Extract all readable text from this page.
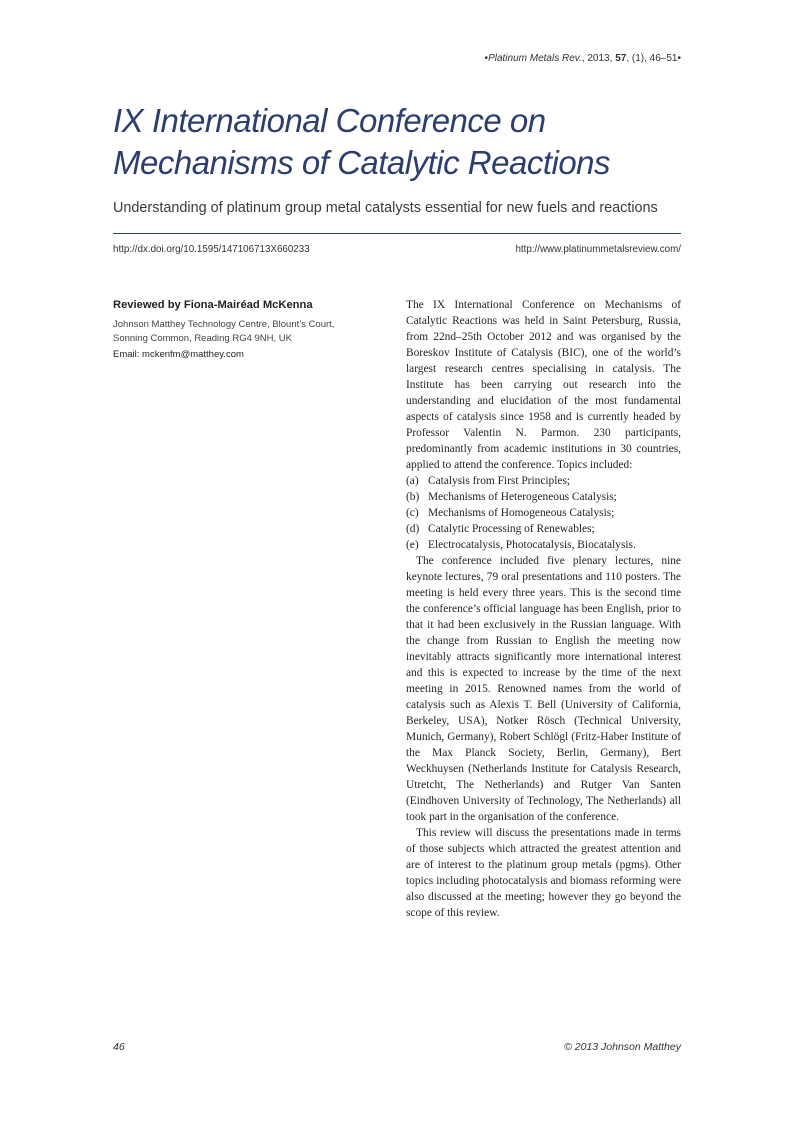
•Platinum Metals Rev., 2013, 57, (1), 46–51•
IX International Conference on Mechanisms of Catalytic Reactions
Understanding of platinum group metal catalysts essential for new fuels and reactions
http://dx.doi.org/10.1595/147106713X660233	http://www.platinummetalsreview.com/
Reviewed by Fiona-Mairéad McKenna
Johnson Matthey Technology Centre, Blount’s Court,
Sonning Common, Reading RG4 9NH, UK
Email: mckenfm@matthey.com

The IX International Conference on Mechanisms of Catalytic Reactions was held in Saint Petersburg, Russia, from 22nd–25th October 2012 and was organised by the Boreskov Institute of Catalysis (BIC), one of the world’s largest research centres specialising in catalysis. The Institute has been carrying out research into the understanding and elucidation of the most fundamental aspects of catalysis since 1958 and is currently headed by Professor Valentin N. Parmon. 230 participants, predominantly from academic institutions in 30 countries, applied to attend the conference. Topics included:

(a) Catalysis from First Principles;
(b) Mechanisms of Heterogeneous Catalysis;
(c) Mechanisms of Homogeneous Catalysis;
(d) Catalytic Processing of Renewables;
(e) Electrocatalysis, Photocatalysis, Biocatalysis.

The conference included five plenary lectures, nine keynote lectures, 79 oral presentations and 110 posters. The meeting is held every three years. This is the second time the conference’s official language has been English, prior to that it had been exclusively in the Russian language. With the change from Russian to English the meeting now inevitably attracts significantly more international interest and this is expected to increase by the time of the next meeting in 2015. Renowned names from the world of catalysis such as Alexis T. Bell (University of California, Berkeley, USA), Notker Rösch (Technical University, Munich, Germany), Robert Schlögl (Fritz-Haber Institute of the Max Planck Society, Berlin, Germany), Bert Weckhuysen (Netherlands Institute for Catalysis Research, Utretcht, The Netherlands) and Rutger Van Santen (Eindhoven University of Technology, The Netherlands) all took part in the organisation of the conference.

This review will discuss the presentations made in terms of those subjects which attracted the greatest attention and are of interest to the platinum group metals (pgms). Other topics including photocatalysis and biomass reforming were also discussed at the meeting; however they go beyond the scope of this review.

46	© 2013 Johnson Matthey
